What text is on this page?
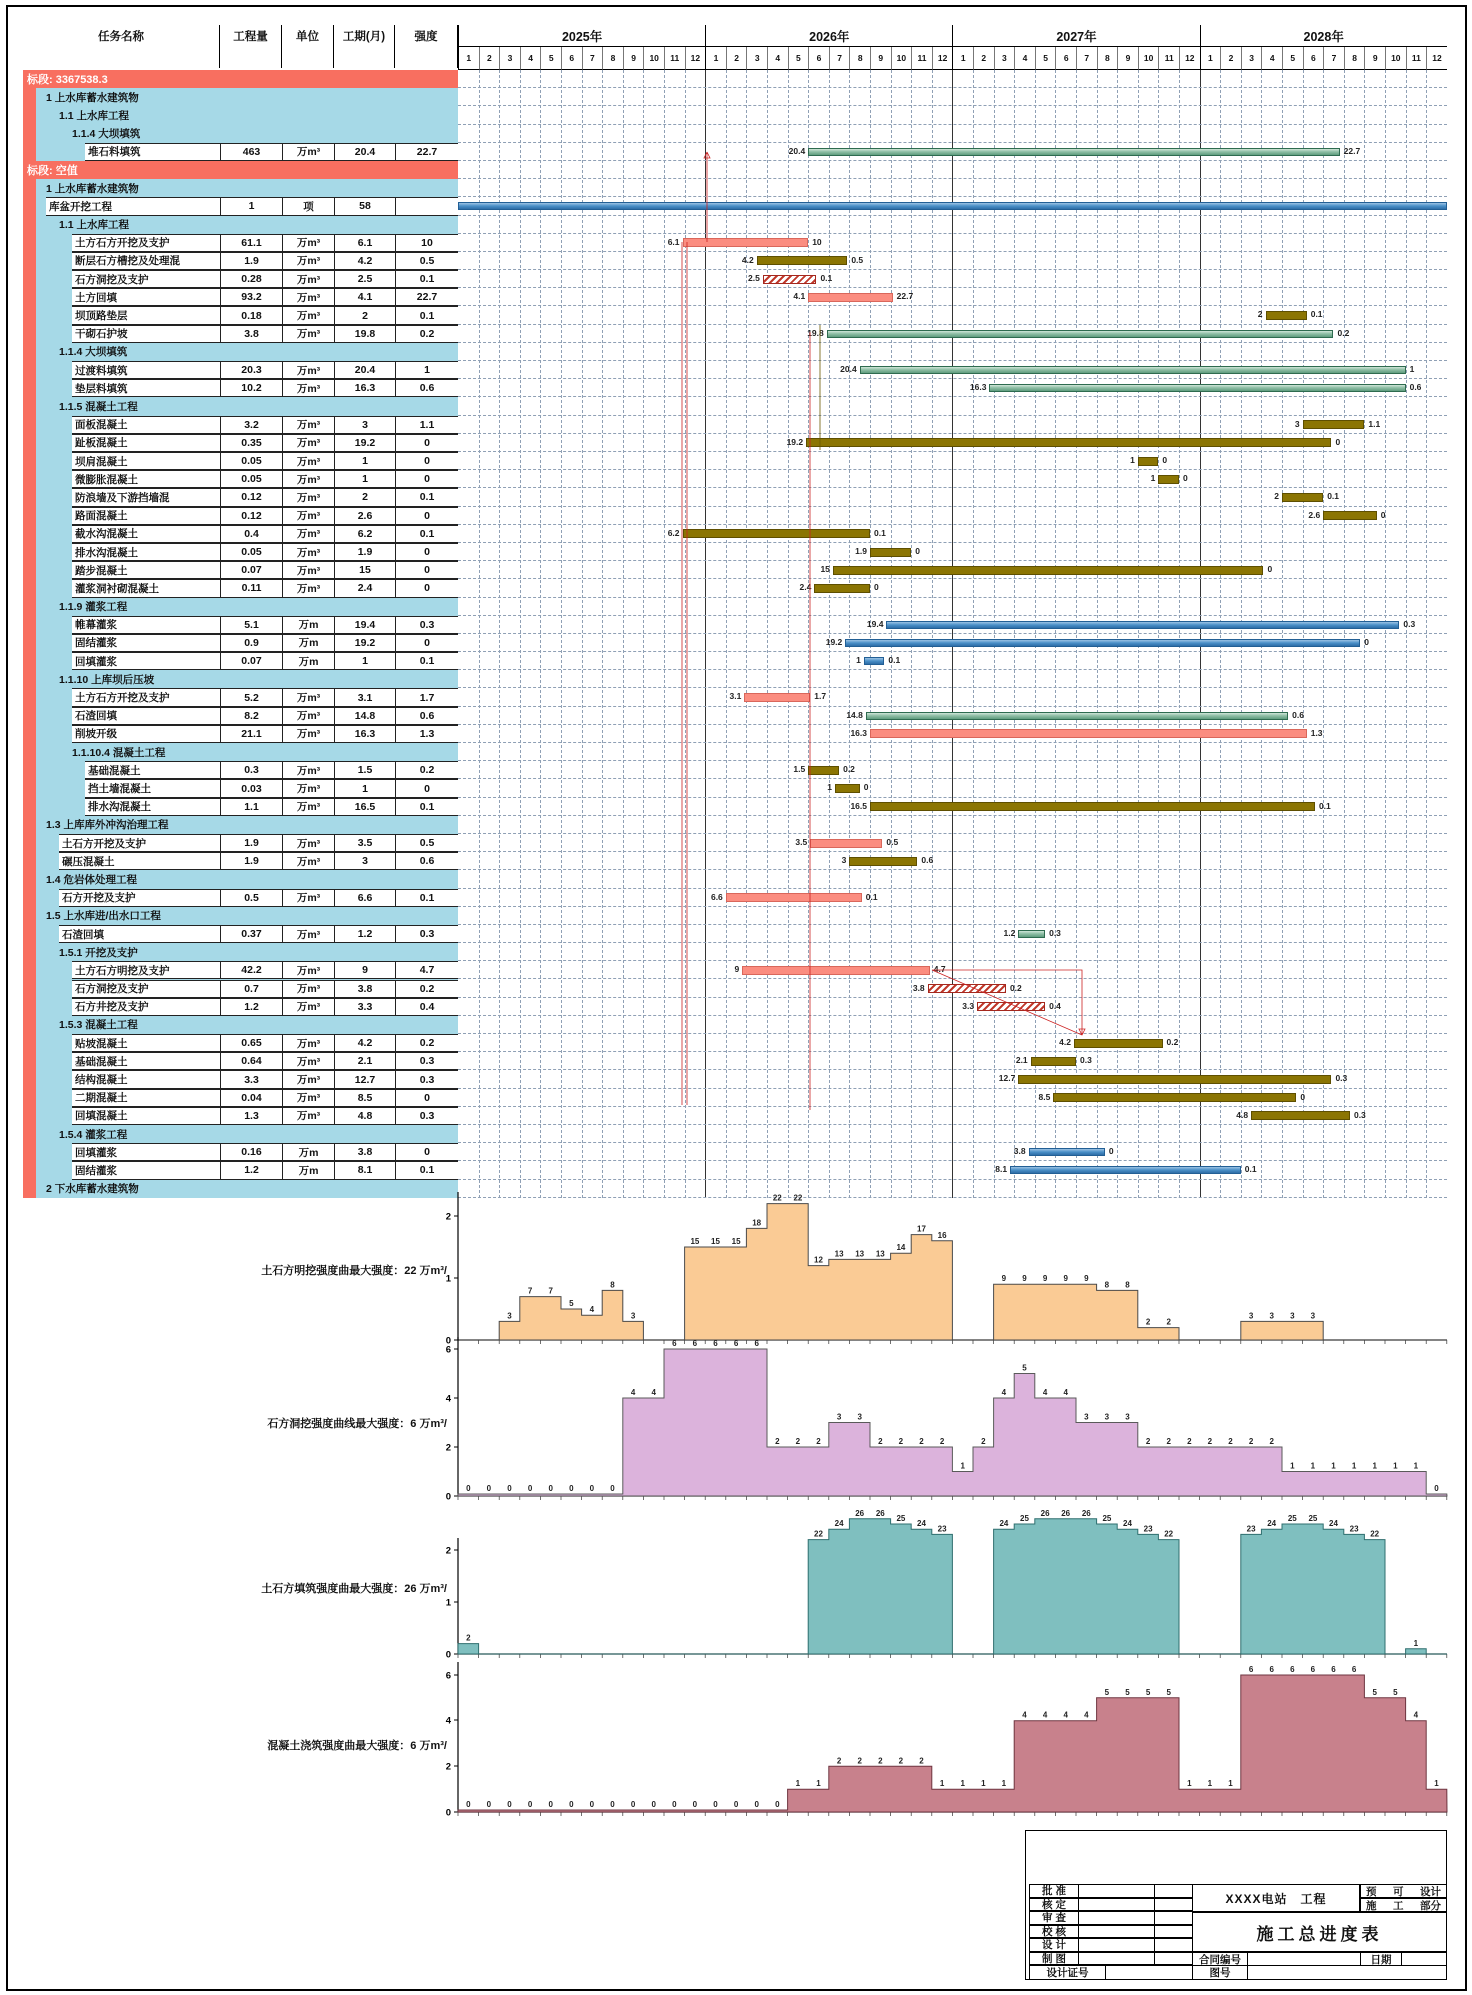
任务名称	工程量	单位	工期(月)	强度
标段: 3367538.3
1 上水库蓄水建筑物
1.1 上水库工程
1.1.4 大坝填筑
堆石料填筑	463	万m³	20.4	22.7
标段: 空值
1 上水库蓄水建筑物
库盆开挖工程	1	项	58
1.1 上水库工程
土方石方开挖及支护	61.1	万m³	6.1	10
断层石方槽挖及处理混	1.9	万m³	4.2	0.5
石方洞挖及支护	0.28	万m³	2.5	0.1
土方回填	93.2	万m³	4.1	22.7
坝顶路垫层	0.18	万m³	2	0.1
干砌石护坡	3.8	万m³	19.8	0.2
1.1.4 大坝填筑
过渡料填筑	20.3	万m³	20.4	1
垫层料填筑	10.2	万m³	16.3	0.6
1.1.5 混凝土工程
面板混凝土	3.2	万m³	3	1.1
趾板混凝土	0.35	万m³	19.2	0
坝肩混凝土	0.05	万m³	1	0
微膨胀混凝土	0.05	万m³	1	0
防浪墙及下游挡墙混	0.12	万m³	2	0.1
路面混凝土	0.12	万m³	2.6	0
截水沟混凝土	0.4	万m³	6.2	0.1
排水沟混凝土	0.05	万m³	1.9	0
踏步混凝土	0.07	万m³	15	0
灌浆洞衬砌混凝土	0.11	万m³	2.4	0
1.1.9 灌浆工程
帷幕灌浆	5.1	万m	19.4	0.3
固结灌浆	0.9	万m	19.2	0
回填灌浆	0.07	万m	1	0.1
1.1.10 上库坝后压坡
土方石方开挖及支护	5.2	万m³	3.1	1.7
石渣回填	8.2	万m³	14.8	0.6
削坡开级	21.1	万m³	16.3	1.3
1.1.10.4 混凝土工程
基础混凝土	0.3	万m³	1.5	0.2
挡土墙混凝土	0.03	万m³	1	0
排水沟混凝土	1.1	万m³	16.5	0.1
1.3 上库库外冲沟治理工程
土石方开挖及支护	1.9	万m³	3.5	0.5
碾压混凝土	1.9	万m³	3	0.6
1.4 危岩体处理工程
石方开挖及支护	0.5	万m³	6.6	0.1
1.5 上水库进/出水口工程
石渣回填	0.37	万m³	1.2	0.3
1.5.1 开挖及支护
土方石方明挖及支护	42.2	万m³	9	4.7
石方洞挖及支护	0.7	万m³	3.8	0.2
石方井挖及支护	1.2	万m³	3.3	0.4
1.5.3 混凝土工程
贴坡混凝土	0.65	万m³	4.2	0.2
基础混凝土	0.64	万m³	2.1	0.3
结构混凝土	3.3	万m³	12.7	0.3
二期混凝土	0.04	万m³	8.5	0
回填混凝土	1.3	万m³	4.8	0.3
1.5.4 灌浆工程
回填灌浆	0.16	万m	3.8	0
固结灌浆	1.2	万m	8.1	0.1
2 下水库蓄水建筑物
2025年	2026年	2027年	2028年
1	2	3	4	5	6	7	8	9	10	11	12	1	2	3	4	5	6	7	8	9	10	11	12	1	2	3	4	5	6	7	8	9	10	11	12	1	2	3	4	5	6	7	8	9	10	11	12
20.4	22.7
6.1	10
4.2	0.5
2.5	0.1
4.1	22.7
2	0.1
19.8	0.2
20.4	1
16.3	0.6
3	1.1
19.2	0
1	0
1	0
2	0.1
2.6	0
6.2	0.1
1.9	0
15	0
2.4	0
19.4	0.3
19.2	0
1	0.1
3.1	1.7
14.8	0.6
16.3	1.3
1.5	0.2
1	0
16.5	0.1
3.5	0.5
3	0.6
6.6	0.1
1.2	0.3
9	4.7
3.8	0.2
3.3	0.4
4.2	0.2
2.1	0.3
12.7	0.3
8.5	0
4.8	0.3
3.8	0
8.1	0.1
0
1
2
3
7 7
5
4
8
3
15 15 15
18
22 22
12
13 13 13
14
17
16
9 9 9 9 9
8 8
2 2
3 3 3 3
0
2
4
6
0 0 0 0 0 0 0 0
4 4
6 6 6 6 6
2 2 2
3 3
2 2 2 2
1
2
4
5
4 4
3 3 3
2 2 2 2 2 2 2
1 1 1 1 1 1 1
0
0
1
2
2
22
24
26 26
25
24
23
24
25
26 26 26
25
24
23
22
23
24
25 25
24
23
22
1
0
2
4
6
0 0 0 0 0 0 0 0 0 0 0 0 0 0 0 0
1 1
2 2 2 2 2
1 1 1 1
4 4 4 4
5 5 5 5
1 1 1
6 6 6 6 6 6
5 5
4
1
土石方明挖强度曲最大强度：22 万m³/
石方洞挖强度曲线最大强度：6 万m³/
土石方填筑强度曲最大强度：26 万m³/
混凝土浇筑强度曲最大强度：6 万m³/
XXXX电站
工程	预 可 设计
施 工 部分
施工总进度表
合同编号	日期
图号
批 准
核 定
审 查
校 核
设 计
制 图
设计证号
